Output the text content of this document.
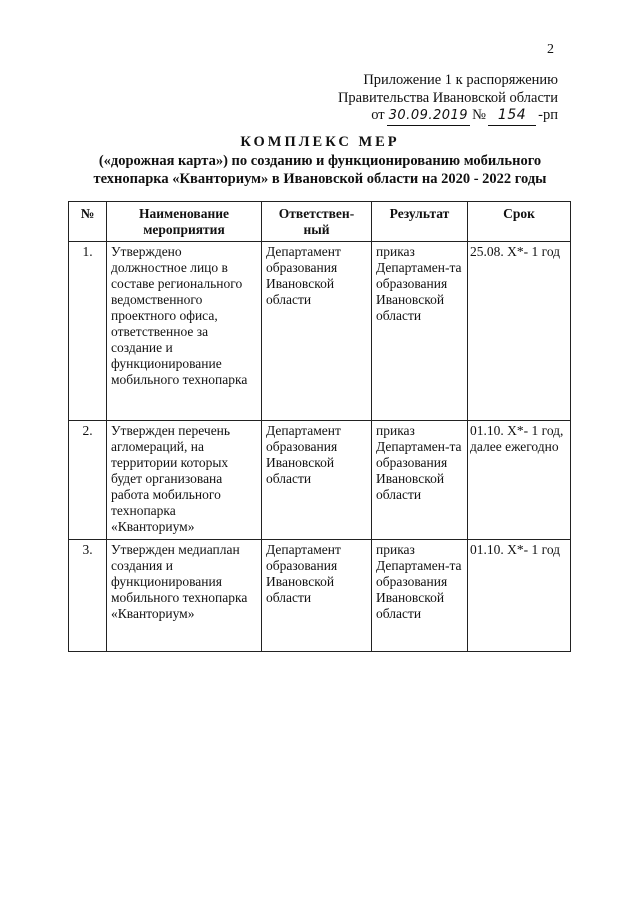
2
Приложение 1 к распоряжению
Правительства Ивановской области
от 30.09.2019 № 154 -рп
КОМПЛЕКС МЕР
(«дорожная карта») по созданию и функционированию мобильного
технопарка «Кванториум» в Ивановской области на 2020 - 2022 годы
№	Наименование мероприятия	Ответствен-ный	Результат	Срок
1.	Утверждено должностное лицо в составе регионального ведомственного проектного офиса, ответственное за создание и функционирование мобильного технопарка	Департамент образования Ивановской области	приказ Департамен-та образования Ивановской области	25.08. Х*- 1 год
2.	Утвержден перечень агломераций, на территории которых будет организована работа мобильного технопарка «Кванториум»	Департамент образования Ивановской области	приказ Департамен-та образования Ивановской области	01.10. Х*- 1 год,
далее ежегодно

3.	Утвержден медиаплан создания и функционирования мобильного технопарка «Кванториум»	Департамент образования Ивановской области	приказ Департамен-та образования Ивановской области	01.10. Х*- 1 год
